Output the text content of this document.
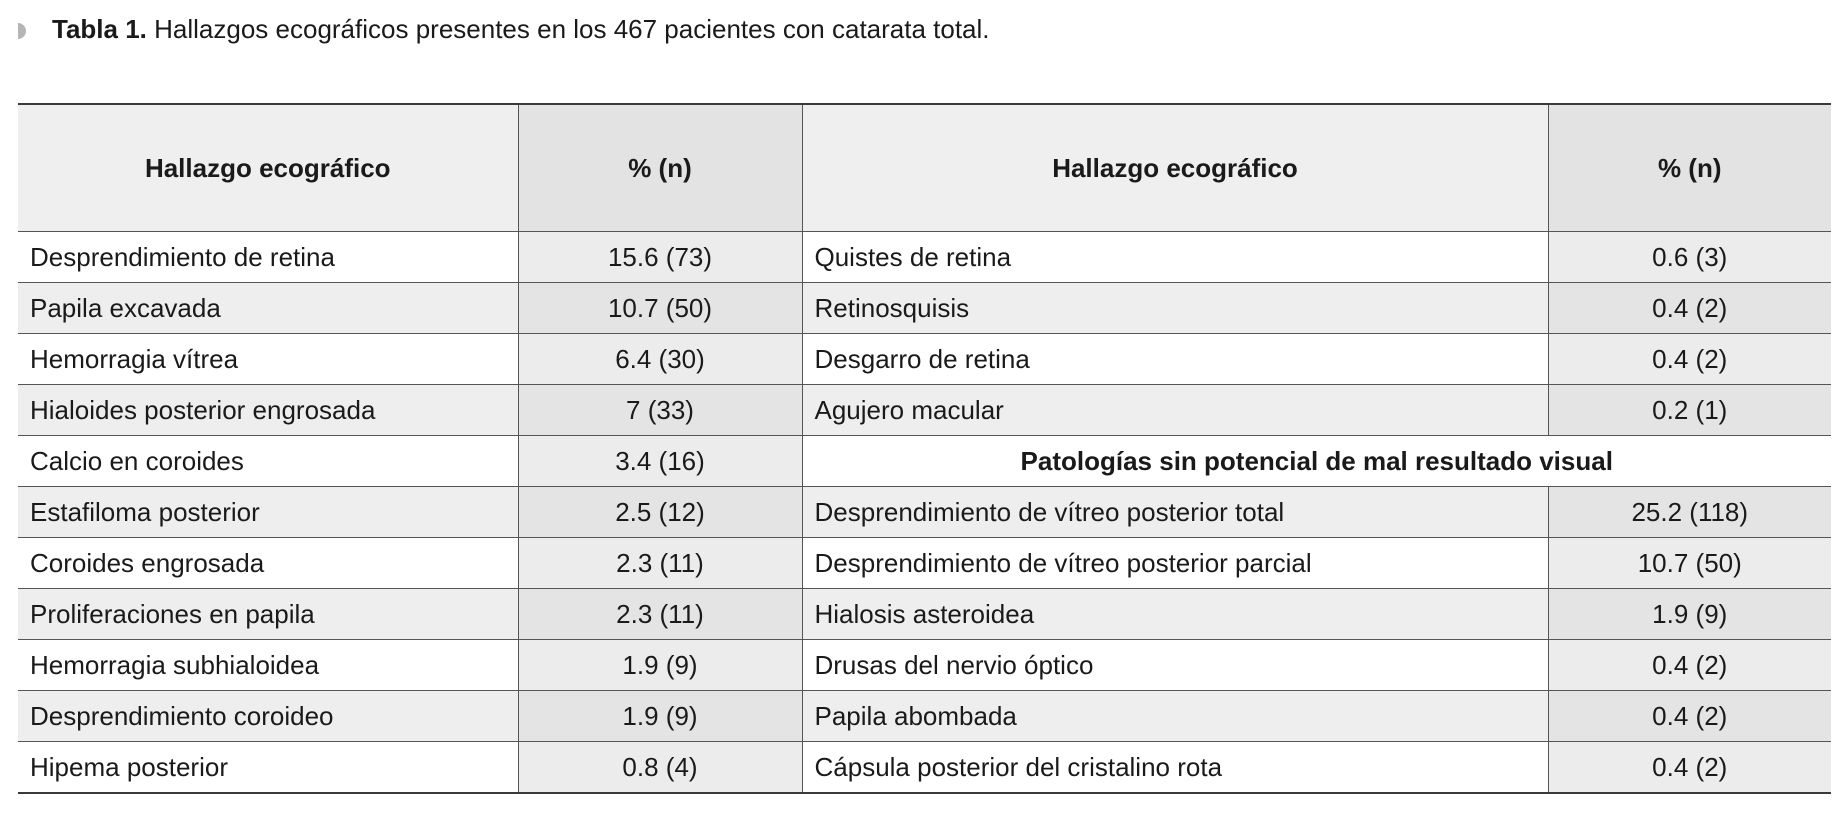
Tabla 1. Hallazgos ecográficos presentes en los 467 pacientes con catarata total.
Hallazgo ecográfico	% (n)	Hallazgo ecográfico	% (n)
Desprendimiento de retina	15.6 (73)	Quistes de retina	0.6 (3)
Papila excavada	10.7 (50)	Retinosquisis	0.4 (2)
Hemorragia vítrea	6.4 (30)	Desgarro de retina	0.4 (2)
Hialoides posterior engrosada	7 (33)	Agujero macular	0.2 (1)
Calcio en coroides	3.4 (16)	Patologías sin potencial de mal resultado visual	
Estafiloma posterior	2.5 (12)	Desprendimiento de vítreo posterior total	25.2 (118)
Coroides engrosada	2.3 (11)	Desprendimiento de vítreo posterior parcial	10.7 (50)
Proliferaciones en papila	2.3 (11)	Hialosis asteroidea	1.9 (9)
Hemorragia subhialoidea	1.9 (9)	Drusas del nervio óptico	0.4 (2)
Desprendimiento coroideo	1.9 (9)	Papila abombada	0.4 (2)
Hipema posterior	0.8 (4)	Cápsula posterior del cristalino rota	0.4 (2)
